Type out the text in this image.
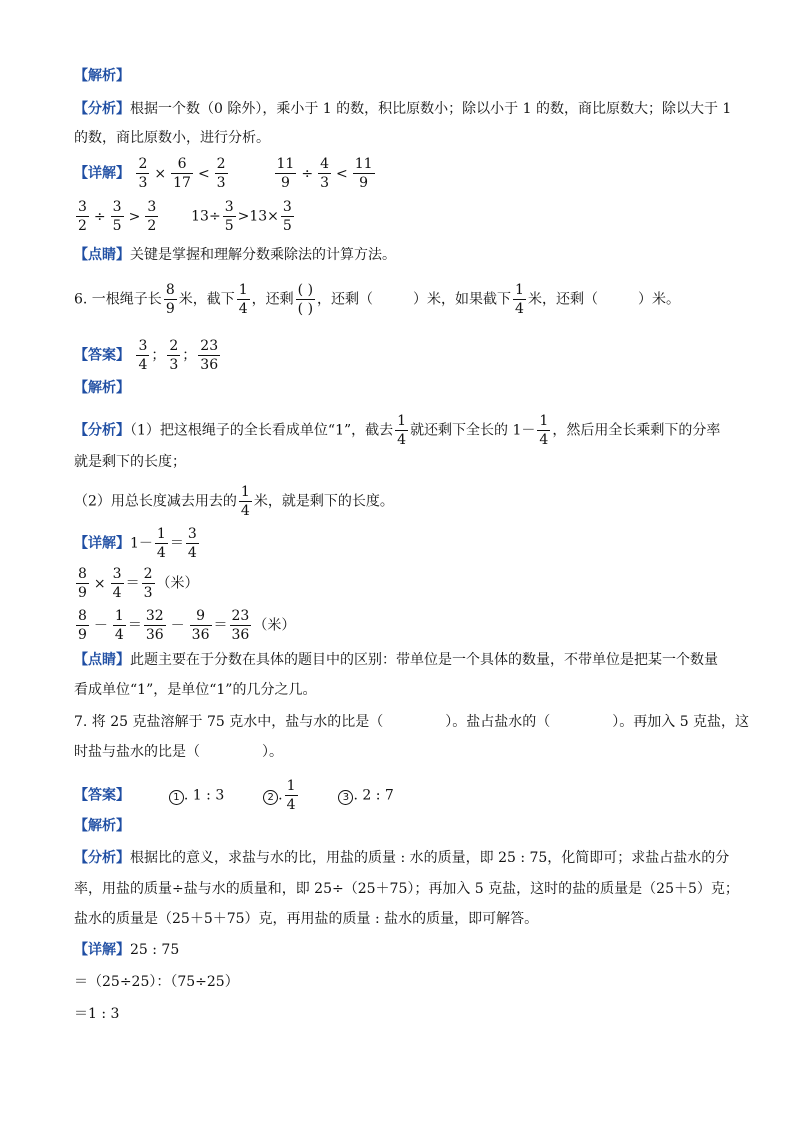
【解析】
【分析】根据一个数（0 除外），乘小于 1 的数，积比原数小；除以小于 1 的数，商比原数大；除以大于 1
的数，商比原数小，进行分析。
【详解】 $\frac{2}{3} \times \frac{6}{17} < \frac{2}{3}$
	$\frac{11}{9} \div \frac{4}{3} < \frac{11}{9}$
$\frac{3}{2} \div \frac{3}{5} > \frac{3}{2} 13\div \frac{3}{5} >13\times \frac{3}{5}$
【点睛】关键是掌握和理解分数乘除法的计算方法。
6. 一根绳子长 $\frac{8}{9}$ 米，截下 $\frac{1}{4}$ ，还剩 $\frac{( )}{( )}$ ，还剩（	）米，如果截下 $\frac{1}{4}$ 米，还剩（	）米。
【答案】 $\frac{3}{4}$ ； $\frac{2}{3}$ ； $\frac{23}{36}$
【解析】
【分析】（1）把这根绳子的全长看成单位“1”，截去 $\frac{1}{4}$ 就还剩下全长的 $1- \frac{1}{4}$ ，然后用全长乘剩下的分率
就是剩下的长度；
（2）用总长度减去用去的 $\frac{1}{4}$ 米，就是剩下的长度。
【详解】$1- \frac{1}{4} = \frac{3}{4}$
$\frac{8}{9} \times \frac{3}{4} = \frac{2}{3}$ （米）
$\frac{8}{9} - \frac{1}{4} = \frac{32}{36} - \frac{9}{36} = \frac{23}{36}$ （米）
【点睛】此题主要在于分数在具体的题目中的区别：带单位是一个具体的数量，不带单位是把某一个数量
看成单位“1”，是单位“1”的几分之几。
7. 将 25 克盐溶解于 75 克水中，盐与水的比是（	）。盐占盐水的（	）。再加入 5 克盐，这
时盐与盐水的比是（	）。
【答案】	1 . 1 : 3	2 . $\frac{1}{4}$	3 . 2 : 7
【解析】
【分析】根据比的意义，求盐与水的比，用盐的质量 : 水的质量，即 25 : 75，化简即可；求盐占盐水的分
率，用盐的质量÷盐与水的质量和，即 25÷（25＋75）；再加入 5 克盐，这时的盐的质量是（25＋5）克；
盐水的质量是（25＋5＋75）克，再用盐的质量 : 盐水的质量，即可解答。
【详解】25 : 75
＝（25÷25）：（75÷25）
＝1 : 3
